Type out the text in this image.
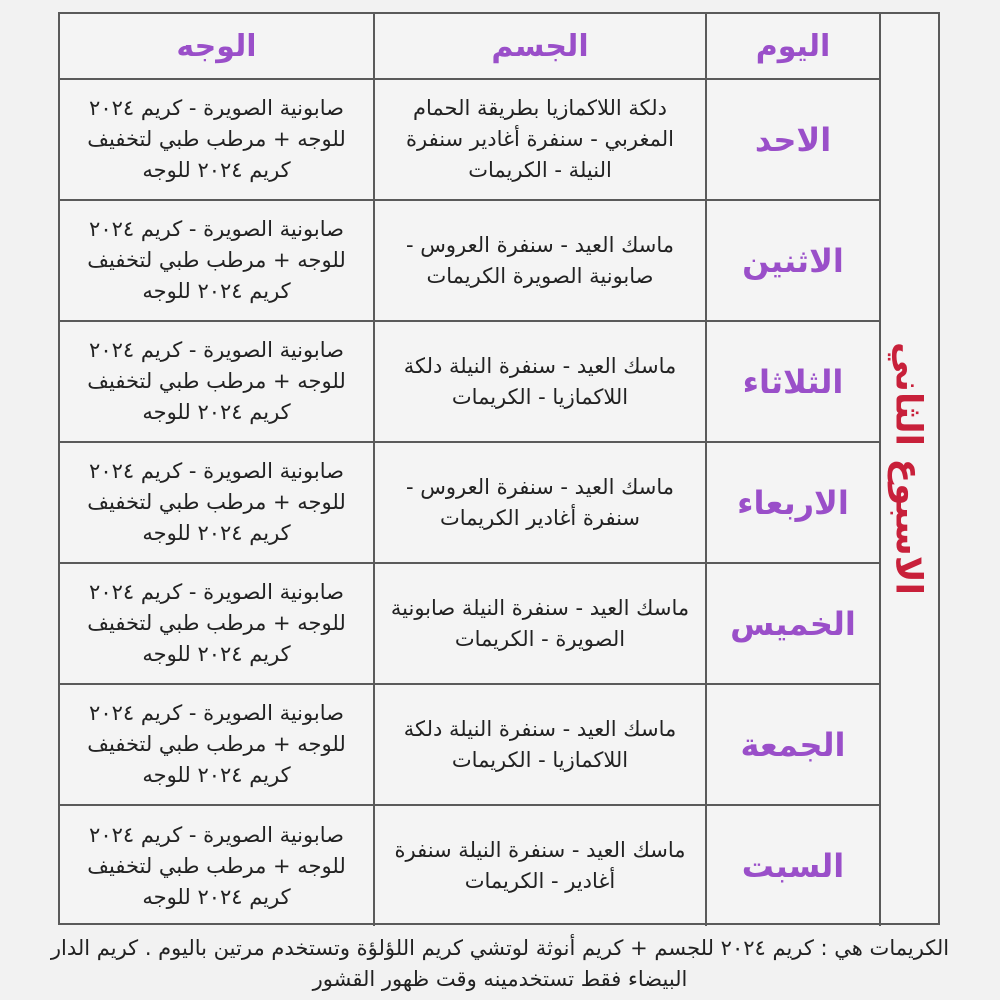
اليوم	الجسم	الوجه
الاحد	دلكة اللاكمازيا بطريقة الحمام المغربي - سنفرة أغادير سنفرة النيلة - الكريمات	صابونية الصويرة - كريم ٢٠٢٤ للوجه + مرطب طبي لتخفيف كريم ٢٠٢٤ للوجه
الاثنين	ماسك العيد - سنفرة العروس - صابونية الصويرة الكريمات	صابونية الصويرة - كريم ٢٠٢٤ للوجه + مرطب طبي لتخفيف كريم ٢٠٢٤ للوجه
الثلاثاء	ماسك العيد - سنفرة النيلة دلكة اللاكمازيا - الكريمات	صابونية الصويرة - كريم ٢٠٢٤ للوجه + مرطب طبي لتخفيف كريم ٢٠٢٤ للوجه
الاربعاء	ماسك العيد - سنفرة العروس - سنفرة أغادير الكريمات	صابونية الصويرة - كريم ٢٠٢٤ للوجه + مرطب طبي لتخفيف كريم ٢٠٢٤ للوجه
الخميس	ماسك العيد - سنفرة النيلة صابونية الصويرة - الكريمات	صابونية الصويرة - كريم ٢٠٢٤ للوجه + مرطب طبي لتخفيف كريم ٢٠٢٤ للوجه
الجمعة	ماسك العيد - سنفرة النيلة دلكة اللاكمازيا - الكريمات	صابونية الصويرة - كريم ٢٠٢٤ للوجه + مرطب طبي لتخفيف كريم ٢٠٢٤ للوجه
السبت	ماسك العيد - سنفرة النيلة سنفرة أغادير - الكريمات	صابونية الصويرة - كريم ٢٠٢٤ للوجه + مرطب طبي لتخفيف كريم ٢٠٢٤ للوجه
الاسبوع الثاني
الكريمات هي : كريم ٢٠٢٤ للجسم + كريم أنوثة لوتشي كريم اللؤلؤة وتستخدم مرتين باليوم . كريم الدار البيضاء فقط تستخدمينه وقت ظهور القشور
